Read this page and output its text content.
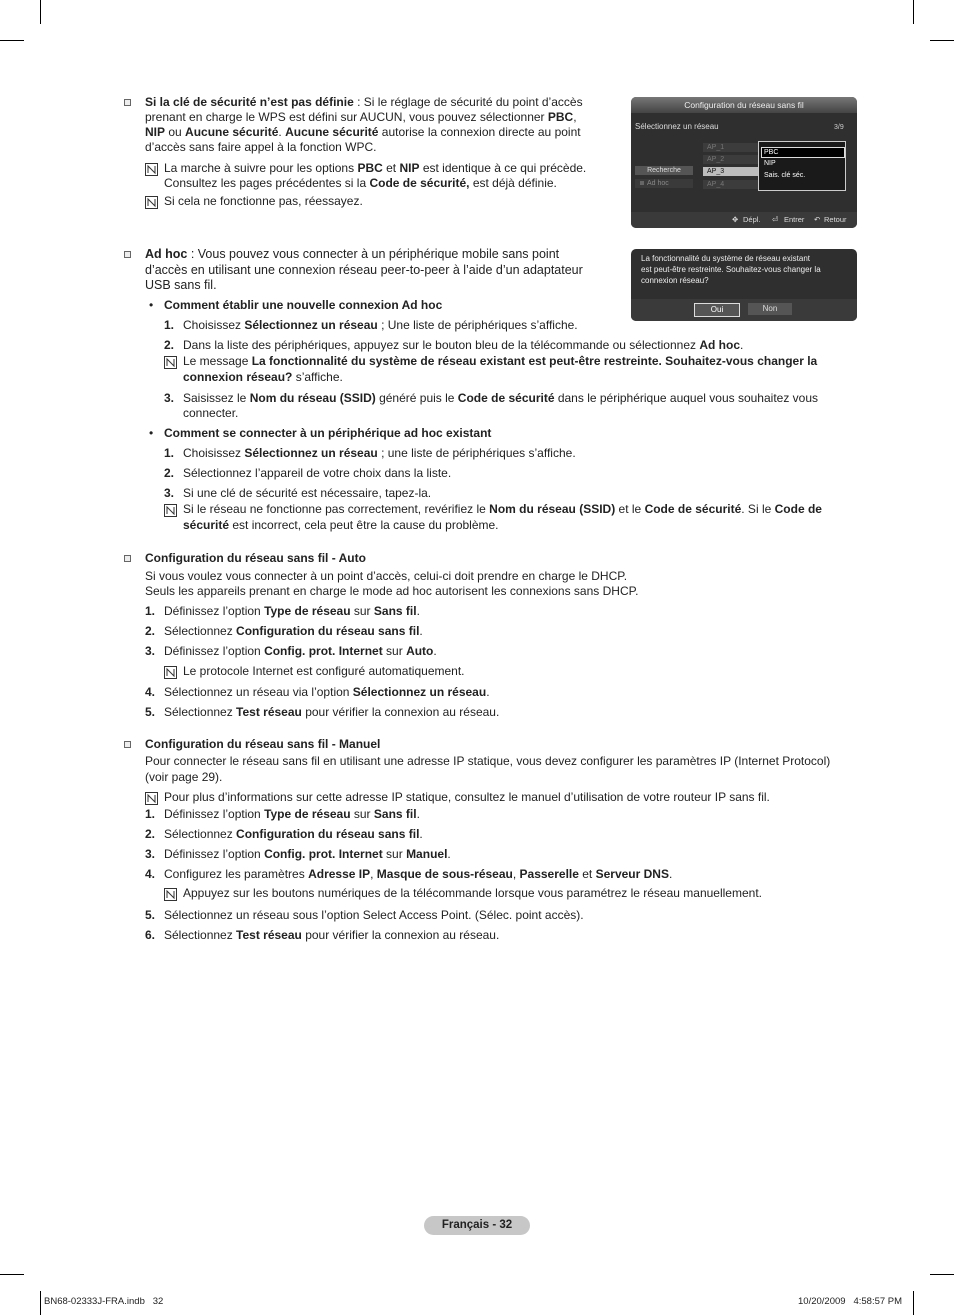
Si la clé de sécurité n’est pas définie : Si le réglage de sécurité du point d’accès
prenant en charge le WPS est défini sur AUCUN, vous pouvez sélectionner PBC,
NIP ou Aucune sécurité. Aucune sécurité autorise la connexion directe au point
d’accès sans faire appel à la fonction WPC.
La marche à suivre pour les options PBC et NIP est identique à ce qui précède.
Consultez les pages précédentes si la Code de sécurité, est déjà définie.
Si cela ne fonctionne pas, réessayez.
Configuration du réseau sans fil
Sélectionnez un réseau	3/9
AP_1
AP_2
AP_3
AP_4
Recherche
Ad hoc
PBC
NIP
Sais. clé séc.
✥ Dépl. ⏎ Entrer ↶ Retour
La fonctionnalité du système de réseau existant
est peut-être restreinte. Souhaitez-vous changer la
connexion réseau?
Oui	Non
Ad hoc : Vous pouvez vous connecter à un périphérique mobile sans point
d’accès en utilisant une connexion réseau peer-to-peer à l’aide d’un adaptateur
USB sans fil.
• Comment établir une nouvelle connexion Ad hoc
1. Choisissez Sélectionnez un réseau ; Une liste de périphériques s’affiche.
2. Dans la liste des périphériques, appuyez sur le bouton bleu de la télécommande ou sélectionnez Ad hoc.
Le message La fonctionnalité du système de réseau existant est peut-être restreinte. Souhaitez-vous changer la
connexion réseau? s’affiche.
3. Saisissez le Nom du réseau (SSID) généré puis le Code de sécurité dans le périphérique auquel vous souhaitez vous
connecter.
• Comment se connecter à un périphérique ad hoc existant
1. Choisissez Sélectionnez un réseau ; une liste de périphériques s’affiche.
2. Sélectionnez l’appareil de votre choix dans la liste.
3. Si une clé de sécurité est nécessaire, tapez-la.
Si le réseau ne fonctionne pas correctement, revérifiez le Nom du réseau (SSID) et le Code de sécurité. Si le Code de
sécurité est incorrect, cela peut être la cause du problème.
Configuration du réseau sans fil - Auto
Si vous voulez vous connecter à un point d’accès, celui-ci doit prendre en charge le DHCP.
Seuls les appareils prenant en charge le mode ad hoc autorisent les connexions sans DHCP.
1. Définissez l’option Type de réseau sur Sans fil.
2. Sélectionnez Configuration du réseau sans fil.
3. Définissez l’option Config. prot. Internet sur Auto.
Le protocole Internet est configuré automatiquement.
4. Sélectionnez un réseau via l’option Sélectionnez un réseau.
5. Sélectionnez Test réseau pour vérifier la connexion au réseau.
Configuration du réseau sans fil - Manuel
Pour connecter le réseau sans fil en utilisant une adresse IP statique, vous devez configurer les paramètres IP (Internet Protocol)
(voir page 29).
Pour plus d’informations sur cette adresse IP statique, consultez le manuel d’utilisation de votre routeur IP sans fil.
1. Définissez l’option Type de réseau sur Sans fil.
2. Sélectionnez Configuration du réseau sans fil.
3. Définissez l’option Config. prot. Internet sur Manuel.
4. Configurez les paramètres Adresse IP, Masque de sous-réseau, Passerelle et Serveur DNS.
Appuyez sur les boutons numériques de la télécommande lorsque vous paramétrez le réseau manuellement.
5. Sélectionnez un réseau sous l’option Select Access Point. (Sélec. point accès).
6. Sélectionnez Test réseau pour vérifier la connexion au réseau.
Français - 32
BN68-02333J-FRA.indb   32	10/20/2009   4:58:57 PM
